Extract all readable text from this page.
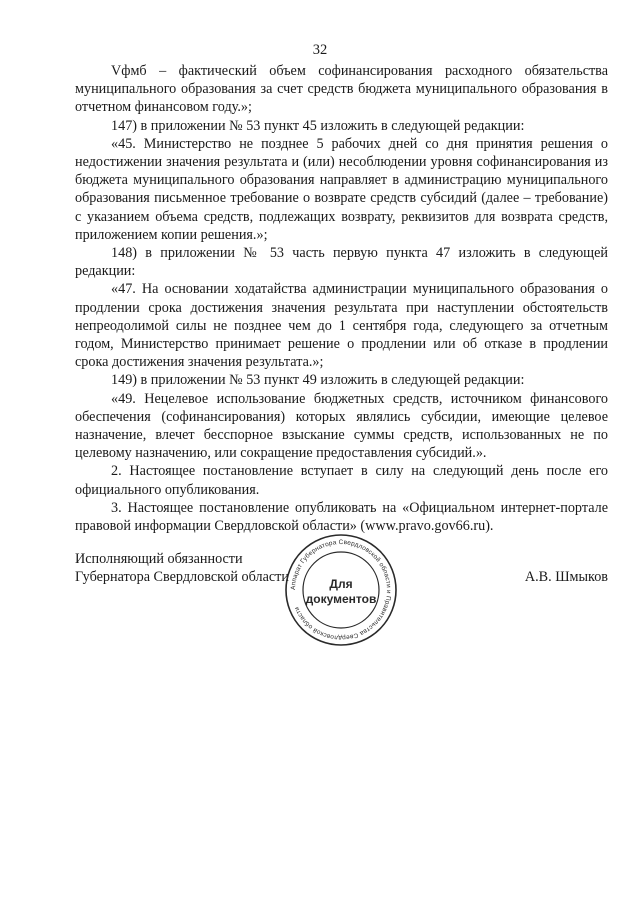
32

Vфмб – фактический объем софинансирования расходного обязательства муниципального образования за счет средств бюджета муниципального образования в отчетном финансовом году.»;

147) в приложении № 53 пункт 45 изложить в следующей редакции:

«45. Министерство не позднее 5 рабочих дней со дня принятия решения о недостижении значения результата и (или) несоблюдении уровня софинансирования из бюджета муниципального образования направляет в администрацию муниципального образования письменное требование о возврате средств субсидий (далее – требование) с указанием объема средств, подлежащих возврату, реквизитов для возврата средств, приложением копии решения.»;

148) в приложении № 53 часть первую пункта 47 изложить в следующей редакции:

«47. На основании ходатайства администрации муниципального образования о продлении срока достижения значения результата при наступлении обстоятельств непреодолимой силы не позднее чем до 1 сентября года, следующего за отчетным годом, Министерство принимает решение о продлении или об отказе в продлении срока достижения значения результата.»;

149) в приложении № 53 пункт 49 изложить в следующей редакции:

«49. Нецелевое использование бюджетных средств, источником финансового обеспечения (софинансирования) которых являлись субсидии, имеющие целевое назначение, влечет бесспорное взыскание суммы средств, использованных не по целевому назначению, или сокращение предоставления субсидий.».

2. Настоящее постановление вступает в силу на следующий день после его официального опубликования.

3. Настоящее постановление опубликовать на «Официальном интернет-портале правовой информации Свердловской области» (www.pravo.gov66.ru).

Исполняющий обязанности
Губернатора Свердловской области	А.В. Шмыков
Аппарат Губернатора Свердловской области и Правительства Свердловской области
Для
документов
